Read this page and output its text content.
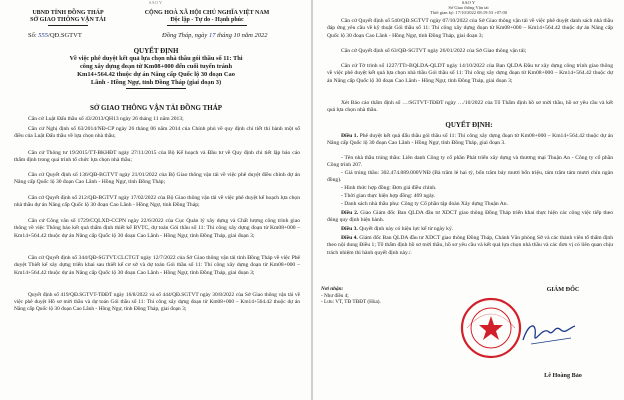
SAO Y
UBND TỈNH ĐỒNG THÁP
SỞ GIAO THÔNG VẬN TẢI
CỘNG HOÀ XÃ HỘI CHỦ NGHĨA VIỆT NAM
Độc lập - Tự do - Hạnh phúc
Số: 555/QĐ.SGTVT	Đồng Tháp, ngày 17 tháng 10 năm 2022
QUYẾT ĐỊNH
Về việc phê duyệt kết quả lựa chọn nhà thầu gói thầu số 11: Thi
công xây dựng đoạn từ Km08+000 đến cuối tuyến tránh
Km14+564.42 thuộc dự án Nâng cấp Quốc lộ 30 đoạn Cao
Lãnh - Hồng Ngự, tỉnh Đồng Tháp (giai đoạn 3)
SỞ GIAO THÔNG VẬN TẢI ĐỒNG THÁP
Căn cứ Luật Đấu thầu số 43/2013/QH13 ngày 26 tháng 11 năm 2013;
Căn cứ Nghị định số 63/2014/NĐ-CP ngày 26 tháng 06 năm 2014 của Chính phủ về quy định chi tiết thi hành một số điều của Luật Đấu thầu về lựa chọn nhà thầu;
Căn cứ Thông tư 19/2015/TT-BKHĐT ngày 27/11/2015 của Bộ Kế hoạch và Đầu tư về Quy định chi tiết lập báo cáo thẩm định trong quá trình tổ chức lựa chọn nhà thầu;
Căn cứ Quyết định số 136/QĐ-BGTVT ngày 21/01/2022 của Bộ Giao thông vận tải về việc phê duyệt điều chỉnh dự án Nâng cấp Quốc lộ 30 đoạn Cao Lãnh - Hồng Ngự, tỉnh Đồng Tháp;
Căn cứ Quyết định số 212/QĐ-BGTVT ngày 17/02/2022 của Bộ Giao thông vận tải về việc phê duyệt kế hoạch lựa chọn nhà thầu dự án Nâng cấp Quốc lộ 30 đoạn Cao Lãnh - Hồng Ngự, tỉnh Đồng Tháp;
Căn cứ Công văn số 1729/CQLXD-CCPN ngày 22/6/2022 của Cục Quản lý xây dựng và Chất lượng công trình giao thông về việc Thông báo kết quả thẩm định thiết kế BVTC, dự toán Gói thầu số 11: Thi công xây dựng đoạn từ Km08+000 – Km14+564.42 thuộc dự án Nâng cấp Quốc lộ 30 đoạn Cao Lãnh - Hồng Ngự, tỉnh Đồng Tháp, giai đoạn 3;
Căn cứ Quyết định số 344/QĐ-SGTVT.CLCTGT ngày 12/7/2022 của Sở Giao thông vận tải tỉnh Đồng Tháp về việc Phê duyệt Thiết kế xây dựng triển khai sau thiết kế cơ sở và dự toán Gói thầu số 11: Thi công xây dựng đoạn từ Km08+000 – Km14+564.42 thuộc dự án Nâng cấp Quốc lộ 30 đoạn Cao Lãnh - Hồng Ngự, tỉnh Đồng Tháp, giai đoạn 3;
Quyết định số 419/QĐ.SGTVT-TĐĐT ngày 16/8/2022 và số 444/QĐ.SGTVT ngày 30/8/2022 của Sở Giao thông vận tải về việc phê duyệt Hồ sơ mời thầu và dự toán Gói thầu số 11: Thi công xây dựng đoạn từ Km08+000 – Km14+564.42 thuộc dự án Nâng cấp Quốc lộ 30 đoạn Cao Lãnh - Hồng Ngự, tỉnh Đồng Tháp, giai đoạn 3;
SAO Y
Sở Giao thông Vận tải
Thời gian ký: 17/10/2022 08:19:53 +07:00
Căn cứ Quyết định số 540/QĐ.SGTVT ngày 07/10/2022 của Sở Giao thông vận tải về việc phê duyệt danh sách nhà thầu đáp ứng yêu cầu về kỹ thuật Gói thầu số 11: Thi công xây dựng đoạn từ Km08+000 – Km14+564.42 thuộc dự án Nâng cấp Quốc lộ 30 đoạn Cao Lãnh - Hồng Ngự, tỉnh Đồng Tháp, giai đoạn 3;
Căn cứ Quyết định số 63/QĐ-SGTVT ngày 26/01/2022 của Sở Giao thông vận tải;
Căn cứ Tờ trình số 1227/TTr-BQLDA-QLDT ngày 14/10/2022 của Ban QLDA Đầu tư xây dựng công trình giao thông về việc phê duyệt kết quả lựa chọn nhà thầu Gói thầu số 11: Thi công xây dựng đoạn từ Km08+000 – Km14+564.42 thuộc dự án Nâng cấp Quốc lộ 30 đoạn Cao Lãnh - Hồng Ngự, tỉnh Đồng Tháp, giai đoạn 3;
Xét Báo cáo thẩm định số …/SGTVT-TĐĐT ngày …/10/2022 của Tổ Thẩm định hồ sơ mời thầu, hồ sơ yêu cầu và kết quả lựa chọn nhà thầu.
QUYẾT ĐỊNH:
Điều 1. Phê duyệt kết quả đấu thầu gói thầu số 11: Thi công xây dựng đoạn từ Km08+000 – Km14+564.42 thuộc dự án Nâng cấp Quốc lộ 30 đoạn Cao Lãnh - Hồng Ngự, tỉnh Đồng Tháp, giai đoạn 3.
- Tên nhà thầu trúng thầu: Liên danh Công ty cổ phần Phát triển xây dựng và thương mại Thuận An - Công ty cổ phần Công trình 207.
- Giá trúng thầu: 302.474.889.000VNĐ (Bà trăm lẻ hai tỷ, bốn trăm bảy mươi bốn triệu, tám trăm tám mươi chín ngàn đồng).
- Hình thức hợp đồng: Đơn giá điều chỉnh.
- Thời gian thực hiện hợp đồng: 469 ngày.
- Danh sách nhà thầu phụ: Công ty Cổ phần tập đoàn Xây dựng Thuận An.
Điều 2. Giao Giám đốc Ban QLDA đầu tư XDCT giao thông Đồng Tháp triển khai thực hiện các công việc tiếp theo đúng quy định hiện hành.
Điều 3. Quyết định này có hiệu lực kể từ ngày ký.
Điều 4. Giám đốc Ban QLDA đầu tư XDCT giao thông Đồng Tháp, Chánh Văn phòng Sở và các thành viên tổ thẩm định theo nội dung Điều 1; Tổ thẩm định hồ sơ mời thầu, hồ sơ yêu cầu và kết quả lựa chọn nhà thầu và các đơn vị có liên quan chịu trách nhiệm thi hành quyết định này./.
Nơi nhận:
- Như điều 4;
- Lưu: VT, TĐ TĐĐT (Hùa).
GIÁM ĐỐC
Lê Hoàng Bảo
